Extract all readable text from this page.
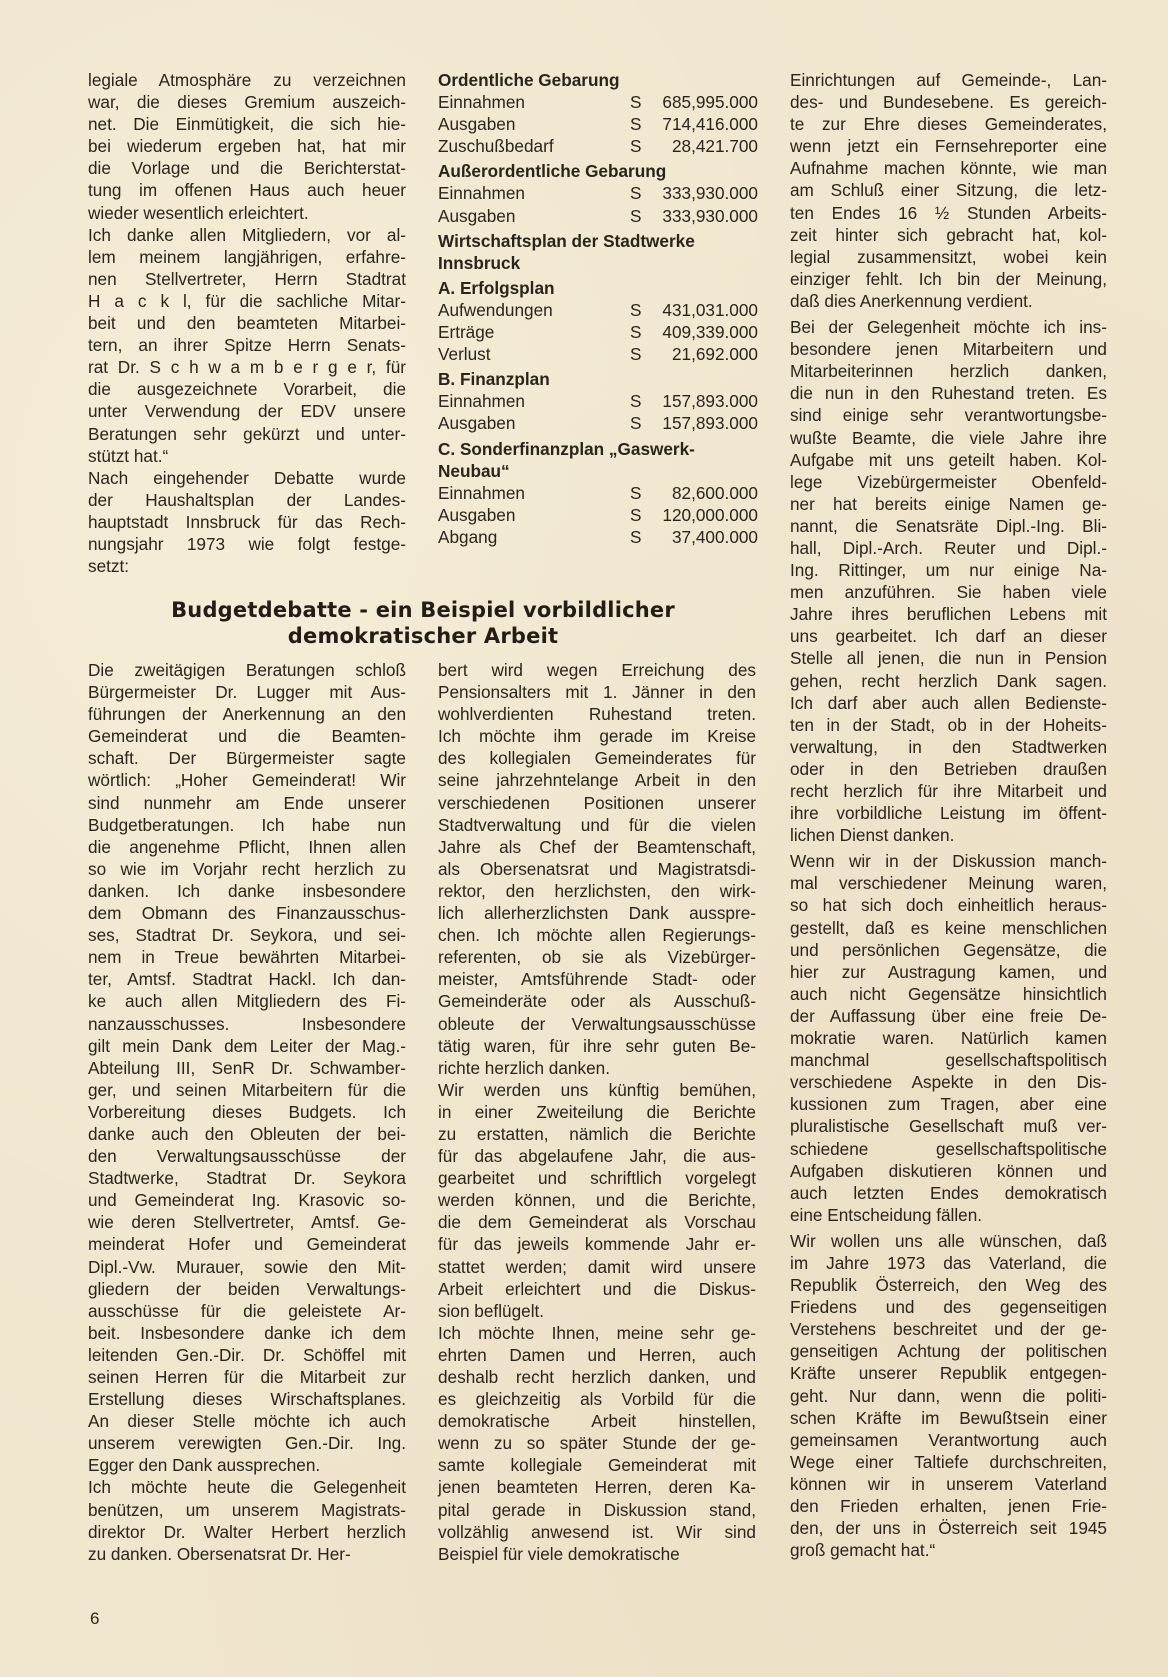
legiale Atmosphäre zu verzeichnen
war, die dieses Gremium auszeich-
net. Die Einmütigkeit, die sich hie-
bei wiederum ergeben hat, hat mir
die Vorlage und die Berichterstat-
tung im offenen Haus auch heuer
wieder wesentlich erleichtert.

Ich danke allen Mitgliedern, vor al-
lem meinem langjährigen, erfahre-
nen Stellvertreter, Herrn Stadtrat
H a c k l, für die sachliche Mitar-
beit und den beamteten Mitarbei-
tern, an ihrer Spitze Herrn Senats-
rat Dr. S c h w a m b e r g e r, für
die ausgezeichnete Vorarbeit, die
unter Verwendung der EDV unsere
Beratungen sehr gekürzt und unter-
stützt hat.“

Nach eingehender Debatte wurde
der Haushaltsplan der Landes-
hauptstadt Innsbruck für das Rech-
nungsjahr 1973 wie folgt festge-
setzt:

Ordentliche Gebarung
Einnahmen	S 685,995.000
Ausgaben	S 714,416.000
Zuschußbedarf	S 28,421.700
Außerordentliche Gebarung
Einnahmen	S 333,930.000
Ausgaben	S 333,930.000
Wirtschaftsplan der Stadtwerke
Innsbruck
A. Erfolgsplan
Aufwendungen	S 431,031.000
Erträge	S 409,339.000
Verlust	S 21,692.000
B. Finanzplan
Einnahmen	S 157,893.000
Ausgaben	S 157,893.000
C. Sonderfinanzplan „Gaswerk-
Neubau“
Einnahmen	S 82,600.000
Ausgaben	S 120,000.000
Abgang	S 37,400.000
Budgetdebatte - ein Beispiel vorbildlicher
demokratischer Arbeit

Die zweitägigen Beratungen schloß
Bürgermeister Dr. Lugger mit Aus-
führungen der Anerkennung an den
Gemeinderat und die Beamten-
schaft. Der Bürgermeister sagte
wörtlich: „Hoher Gemeinderat! Wir
sind nunmehr am Ende unserer
Budgetberatungen. Ich habe nun
die angenehme Pflicht, Ihnen allen
so wie im Vorjahr recht herzlich zu
danken. Ich danke insbesondere
dem Obmann des Finanzausschus-
ses, Stadtrat Dr. Seykora, und sei-
nem in Treue bewährten Mitarbei-
ter, Amtsf. Stadtrat Hackl. Ich dan-
ke auch allen Mitgliedern des Fi-
nanzausschusses. Insbesondere
gilt mein Dank dem Leiter der Mag.-
Abteilung III, SenR Dr. Schwamber-
ger, und seinen Mitarbeitern für die
Vorbereitung dieses Budgets. Ich
danke auch den Obleuten der bei-
den Verwaltungsausschüsse der
Stadtwerke, Stadtrat Dr. Seykora
und Gemeinderat Ing. Krasovic so-
wie deren Stellvertreter, Amtsf. Ge-
meinderat Hofer und Gemeinderat
Dipl.-Vw. Murauer, sowie den Mit-
gliedern der beiden Verwaltungs-
ausschüsse für die geleistete Ar-
beit. Insbesondere danke ich dem
leitenden Gen.-Dir. Dr. Schöffel mit
seinen Herren für die Mitarbeit zur
Erstellung dieses Wirschaftsplanes.
An dieser Stelle möchte ich auch
unserem verewigten Gen.-Dir. Ing.
Egger den Dank aussprechen.

Ich möchte heute die Gelegenheit
benützen, um unserem Magistrats-
direktor Dr. Walter Herbert herzlich
zu danken. Obersenatsrat Dr. Her-

bert wird wegen Erreichung des
Pensionsalters mit 1. Jänner in den
wohlverdienten Ruhestand treten.
Ich möchte ihm gerade im Kreise
des kollegialen Gemeinderates für
seine jahrzehntelange Arbeit in den
verschiedenen Positionen unserer
Stadtverwaltung und für die vielen
Jahre als Chef der Beamtenschaft,
als Obersenatsrat und Magistratsdi-
rektor, den herzlichsten, den wirk-
lich allerherzlichsten Dank ausspre-
chen. Ich möchte allen Regierungs-
referenten, ob sie als Vizebürger-
meister, Amtsführende Stadt- oder
Gemeinderäte oder als Ausschuß-
obleute der Verwaltungsausschüsse
tätig waren, für ihre sehr guten Be-
richte herzlich danken.

Wir werden uns künftig bemühen,
in einer Zweiteilung die Berichte
zu erstatten, nämlich die Berichte
für das abgelaufene Jahr, die aus-
gearbeitet und schriftlich vorgelegt
werden können, und die Berichte,
die dem Gemeinderat als Vorschau
für das jeweils kommende Jahr er-
stattet werden; damit wird unsere
Arbeit erleichtert und die Diskus-
sion beflügelt.

Ich möchte Ihnen, meine sehr ge-
ehrten Damen und Herren, auch
deshalb recht herzlich danken, und
es gleichzeitig als Vorbild für die
demokratische Arbeit hinstellen,
wenn zu so später Stunde der ge-
samte kollegiale Gemeinderat mit
jenen beamteten Herren, deren Ka-
pital gerade in Diskussion stand,
vollzählig anwesend ist. Wir sind
Beispiel für viele demokratische

Einrichtungen auf Gemeinde-, Lan-
des- und Bundesebene. Es gereich-
te zur Ehre dieses Gemeinderates,
wenn jetzt ein Fernsehreporter eine
Aufnahme machen könnte, wie man
am Schluß einer Sitzung, die letz-
ten Endes 16 ½ Stunden Arbeits-
zeit hinter sich gebracht hat, kol-
legial zusammensitzt, wobei kein
einziger fehlt. Ich bin der Meinung,
daß dies Anerkennung verdient.

Bei der Gelegenheit möchte ich ins-
besondere jenen Mitarbeitern und
Mitarbeiterinnen herzlich danken,
die nun in den Ruhestand treten. Es
sind einige sehr verantwortungsbe-
wußte Beamte, die viele Jahre ihre
Aufgabe mit uns geteilt haben. Kol-
lege Vizebürgermeister Obenfeld-
ner hat bereits einige Namen ge-
nannt, die Senatsräte Dipl.-Ing. Bli-
hall, Dipl.-Arch. Reuter und Dipl.-
Ing. Rittinger, um nur einige Na-
men anzuführen. Sie haben viele
Jahre ihres beruflichen Lebens mit
uns gearbeitet. Ich darf an dieser
Stelle all jenen, die nun in Pension
gehen, recht herzlich Dank sagen.
Ich darf aber auch allen Bedienste-
ten in der Stadt, ob in der Hoheits-
verwaltung, in den Stadtwerken
oder in den Betrieben draußen
recht herzlich für ihre Mitarbeit und
ihre vorbildliche Leistung im öffent-
lichen Dienst danken.

Wenn wir in der Diskussion manch-
mal verschiedener Meinung waren,
so hat sich doch einheitlich heraus-
gestellt, daß es keine menschlichen
und persönlichen Gegensätze, die
hier zur Austragung kamen, und
auch nicht Gegensätze hinsichtlich
der Auffassung über eine freie De-
mokratie waren. Natürlich kamen
manchmal gesellschaftspolitisch
verschiedene Aspekte in den Dis-
kussionen zum Tragen, aber eine
pluralistische Gesellschaft muß ver-
schiedene gesellschaftspolitische
Aufgaben diskutieren können und
auch letzten Endes demokratisch
eine Entscheidung fällen.

Wir wollen uns alle wünschen, daß
im Jahre 1973 das Vaterland, die
Republik Österreich, den Weg des
Friedens und des gegenseitigen
Verstehens beschreitet und der ge-
genseitigen Achtung der politischen
Kräfte unserer Republik entgegen-
geht. Nur dann, wenn die politi-
schen Kräfte im Bewußtsein einer
gemeinsamen Verantwortung auch
Wege einer Taltiefe durchschreiten,
können wir in unserem Vaterland
den Frieden erhalten, jenen Frie-
den, der uns in Österreich seit 1945
groß gemacht hat.“

6
